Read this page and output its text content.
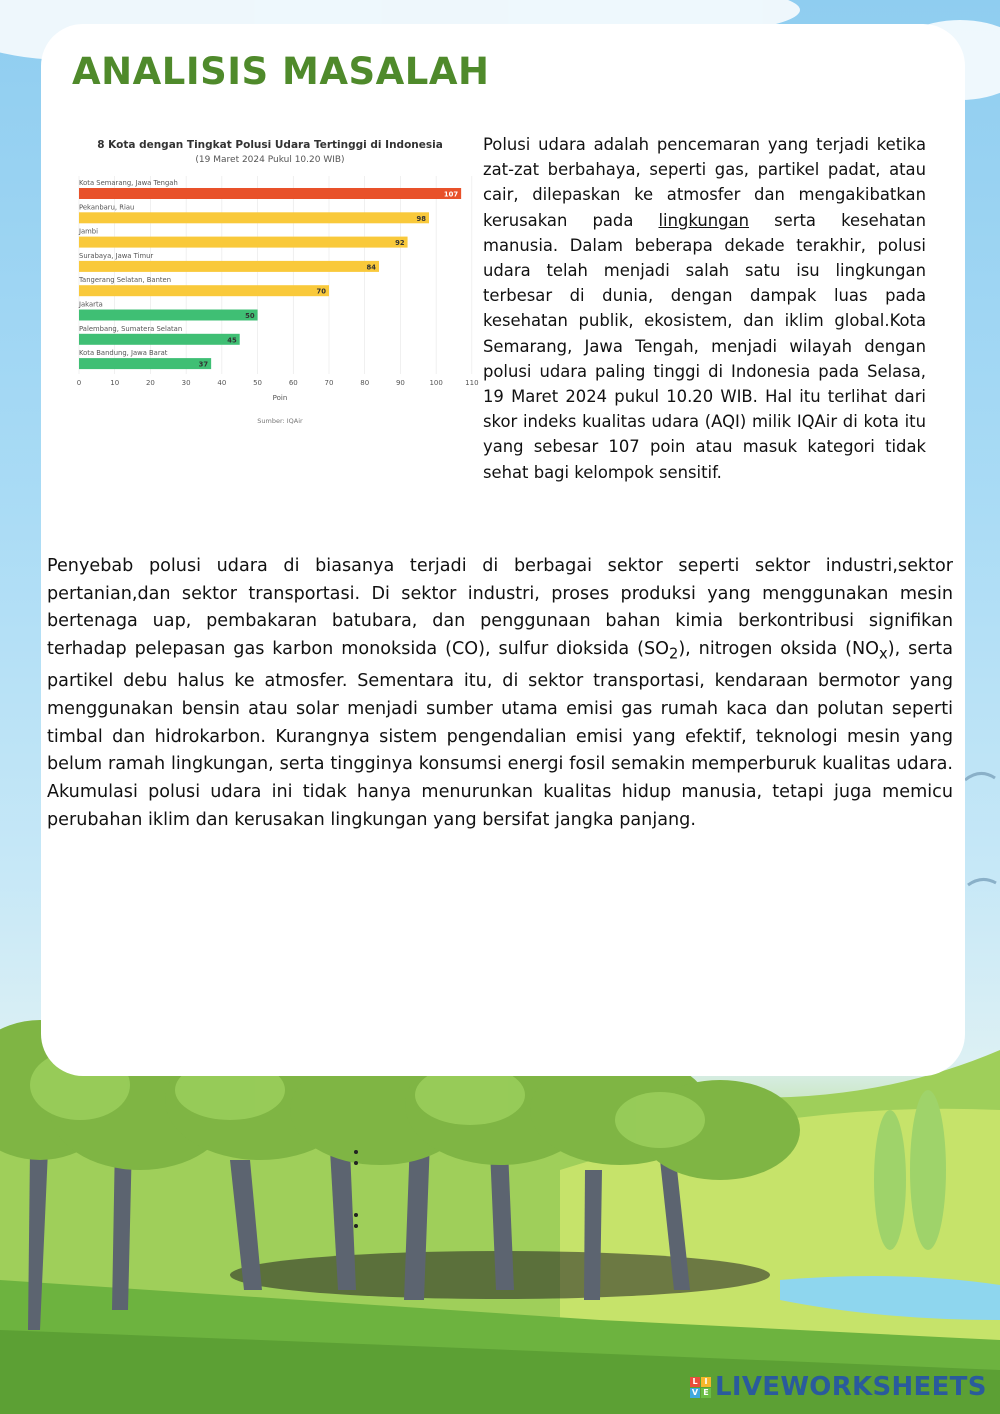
ANALISIS MASALAH
8 Kota dengan Tingkat Polusi Udara Tertinggi di Indonesia
(19 Maret 2024 Pukul 10.20 WIB)
Kota Semarang, Jawa Tengah
107
Pekanbaru, Riau
98
Jambi
92
Surabaya, Jawa Timur
84
Tangerang Selatan, Banten
70
Jakarta
50
Palembang, Sumatera Selatan
45
Kota Bandung, Jawa Barat
37
0	10	20	30	40	50	60	70	80	90	100	110
Poin
Sumber: IQAir

Polusi udara adalah pencemaran yang terjadi ketika zat-zat berbahaya, seperti gas, partikel padat, atau cair, dilepaskan ke atmosfer dan mengakibatkan kerusakan pada lingkungan serta kesehatan manusia. Dalam beberapa dekade terakhir, polusi udara telah menjadi salah satu isu lingkungan terbesar di dunia, dengan dampak luas pada kesehatan publik, ekosistem, dan iklim global.Kota Semarang, Jawa Tengah, menjadi wilayah dengan polusi udara paling tinggi di Indonesia pada Selasa, 19 Maret 2024 pukul 10.20 WIB. Hal itu terlihat dari skor indeks kualitas udara (AQI) milik IQAir di kota itu yang sebesar 107 poin atau masuk kategori tidak sehat bagi kelompok sensitif.

Penyebab polusi udara di biasanya terjadi di berbagai sektor seperti sektor industri,sektor pertanian,dan sektor transportasi. Di sektor industri, proses produksi yang menggunakan mesin bertenaga uap, pembakaran batubara, dan penggunaan bahan kimia berkontribusi signifikan terhadap pelepasan gas karbon monoksida (CO), sulfur dioksida $(SO_2)$, nitrogen oksida $(NO_x)$, serta partikel debu halus ke atmosfer. Sementara itu, di sektor transportasi, kendaraan bermotor yang menggunakan bensin atau solar menjadi sumber utama emisi gas rumah kaca dan polutan seperti timbal dan hidrokarbon. Kurangnya sistem pengendalian emisi yang efektif, teknologi mesin yang belum ramah lingkungan, serta tingginya konsumsi energi fosil semakin memperburuk kualitas udara. Akumulasi polusi udara ini tidak hanya menurunkan kualitas hidup manusia, tetapi juga memicu perubahan iklim dan kerusakan lingkungan yang bersifat jangka panjang.

L I
V E LIVEWORKSHEETS
